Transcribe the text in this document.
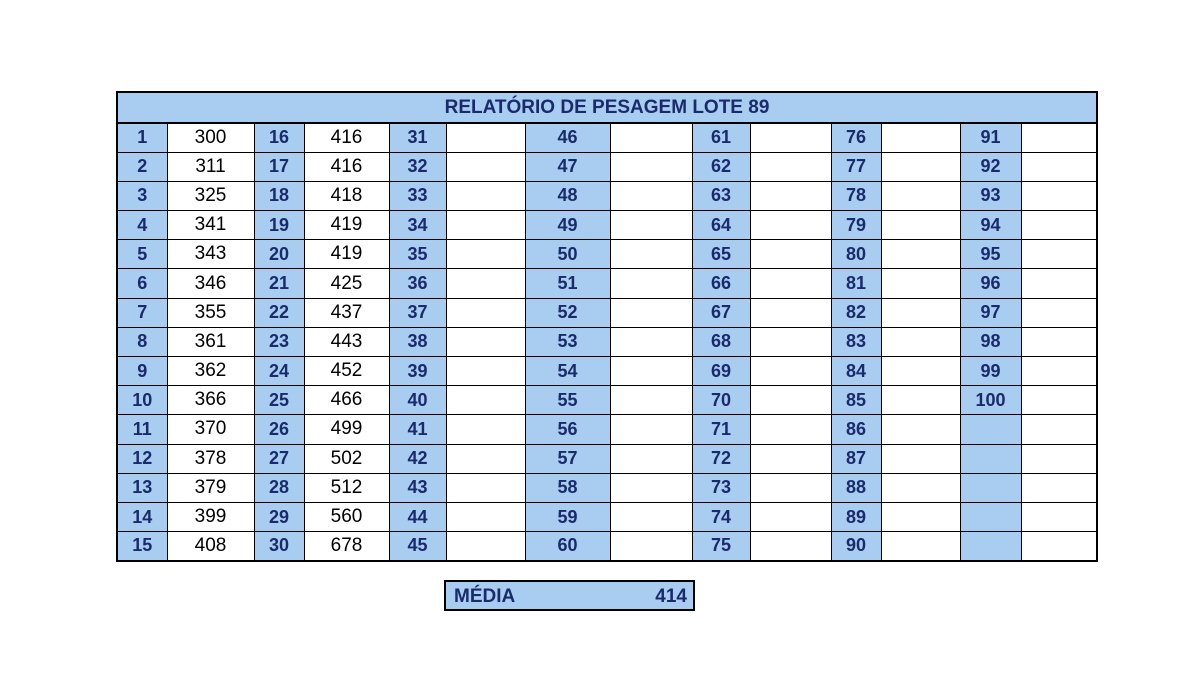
RELATÓRIO DE PESAGEM LOTE 89													
1	300	16	416	31		46		61		76		91	
2	311	17	416	32		47		62		77		92	
3	325	18	418	33		48		63		78		93	
4	341	19	419	34		49		64		79		94	
5	343	20	419	35		50		65		80		95	
6	346	21	425	36		51		66		81		96	
7	355	22	437	37		52		67		82		97	
8	361	23	443	38		53		68		83		98	
9	362	24	452	39		54		69		84		99	
10	366	25	466	40		55		70		85		100	
11	370	26	499	41		56		71		86			
12	378	27	502	42		57		72		87			
13	379	28	512	43		58		73		88			
14	399	29	560	44		59		74		89			
15	408	30	678	45		60		75		90			
MÉDIA	414
